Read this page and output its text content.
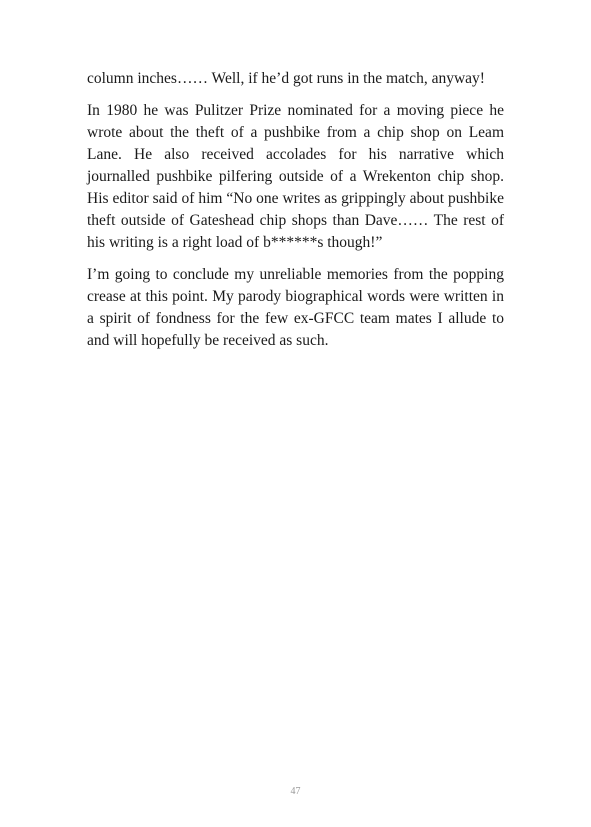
column inches…… Well, if he’d got runs in the match, anyway!

In 1980 he was Pulitzer Prize nominated for a moving piece he wrote about the theft of a pushbike from a chip shop on Leam Lane. He also received accolades for his narrative which journalled pushbike pilfering outside of a Wrekenton chip shop. His editor said of him “No one writes as grippingly about pushbike theft outside of Gateshead chip shops than Dave…… The rest of his writing is a right load of b******s though!”

I’m going to conclude my unreliable memories from the popping crease at this point. My parody biographical words were written in a spirit of fondness for the few ex-GFCC team mates I allude to and will hopefully be received as such.

47
